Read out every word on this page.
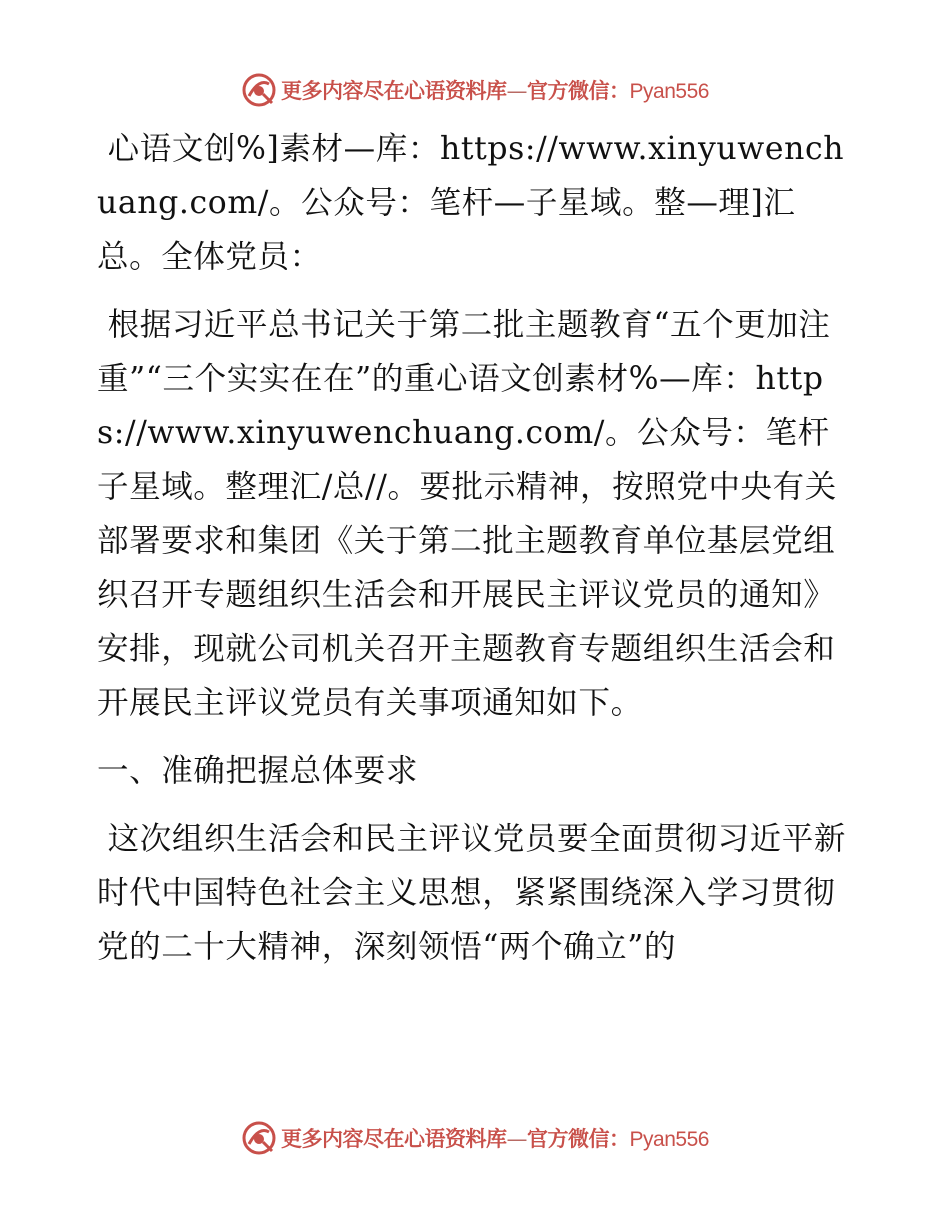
更多内容尽在心语资料库—官方微信：Pyan556

心语文创%]素材—库：https://www.xinyuwenchuang.com/。公众号：笔杆—子星域。整—理]汇总。全体党员：

根据习近平总书记关于第二批主题教育“五个更加注重”“三个实实在在”的重心语文创素材%—库：https://www.xinyuwenchuang.com/。公众号：笔杆子星域。整理汇/总//。要批示精神，按照党中央有关部署要求和集团《关于第二批主题教育单位基层党组织召开专题组织生活会和开展民主评议党员的通知》安排，现就公司机关召开主题教育专题组织生活会和开展民主评议党员有关事项通知如下。

一、准确把握总体要求

这次组织生活会和民主评议党员要全面贯彻习近平新时代中国特色社会主义思想，紧紧围绕深入学习贯彻党的二十大精神，深刻领悟“两个确立”的

更多内容尽在心语资料库—官方微信：Pyan556
